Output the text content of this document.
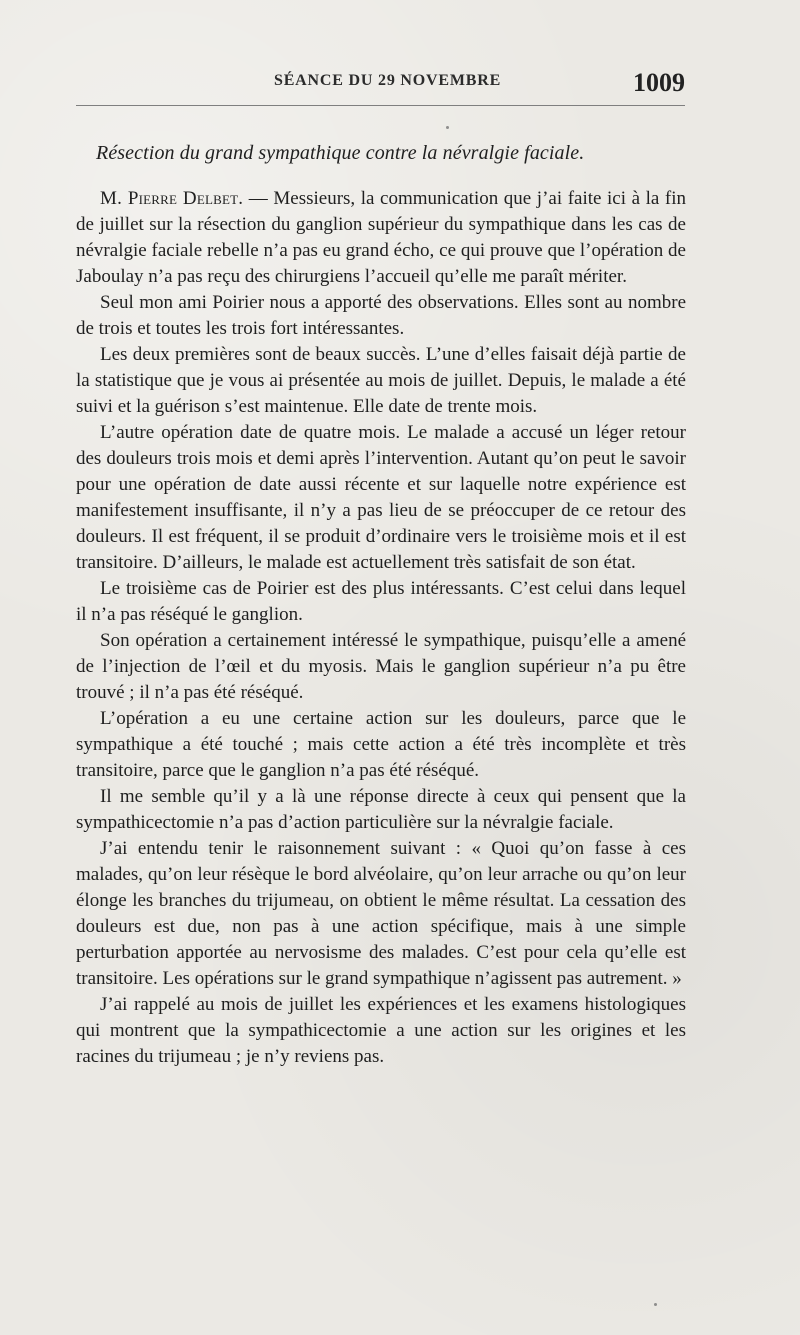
SÉANCE DU 29 NOVEMBRE	1009
Résection du grand sympathique contre la névralgie faciale.

M. Pierre Delbet. — Messieurs, la communication que j’ai faite ici à la fin de juillet sur la résection du ganglion supérieur du sympathique dans les cas de névralgie faciale rebelle n’a pas eu grand écho, ce qui prouve que l’opération de Jaboulay n’a pas reçu des chirurgiens l’accueil qu’elle me paraît mériter.

Seul mon ami Poirier nous a apporté des observations. Elles sont au nombre de trois et toutes les trois fort intéressantes.

Les deux premières sont de beaux succès. L’une d’elles faisait déjà partie de la statistique que je vous ai présentée au mois de juillet. Depuis, le malade a été suivi et la guérison s’est maintenue. Elle date de trente mois.

L’autre opération date de quatre mois. Le malade a accusé un léger retour des douleurs trois mois et demi après l’intervention. Autant qu’on peut le savoir pour une opération de date aussi récente et sur laquelle notre expérience est manifestement insuffisante, il n’y a pas lieu de se préoccuper de ce retour des douleurs. Il est fréquent, il se produit d’ordinaire vers le troisième mois et il est transitoire. D’ailleurs, le malade est actuellement très satisfait de son état.

Le troisième cas de Poirier est des plus intéressants. C’est celui dans lequel il n’a pas réséqué le ganglion.

Son opération a certainement intéressé le sympathique, puisqu’elle a amené de l’injection de l’œil et du myosis. Mais le ganglion supérieur n’a pu être trouvé ; il n’a pas été réséqué.

L’opération a eu une certaine action sur les douleurs, parce que le sympathique a été touché ; mais cette action a été très incomplète et très transitoire, parce que le ganglion n’a pas été réséqué.

Il me semble qu’il y a là une réponse directe à ceux qui pensent que la sympathicectomie n’a pas d’action particulière sur la névralgie faciale.

J’ai entendu tenir le raisonnement suivant : « Quoi qu’on fasse à ces malades, qu’on leur résèque le bord alvéolaire, qu’on leur arrache ou qu’on leur élonge les branches du trijumeau, on obtient le même résultat. La cessation des douleurs est due, non pas à une action spécifique, mais à une simple perturbation apportée au nervosisme des malades. C’est pour cela qu’elle est transitoire. Les opérations sur le grand sympathique n’agissent pas autrement. »

J’ai rappelé au mois de juillet les expériences et les examens histologiques qui montrent que la sympathicectomie a une action sur les origines et les racines du trijumeau ; je n’y reviens pas.
